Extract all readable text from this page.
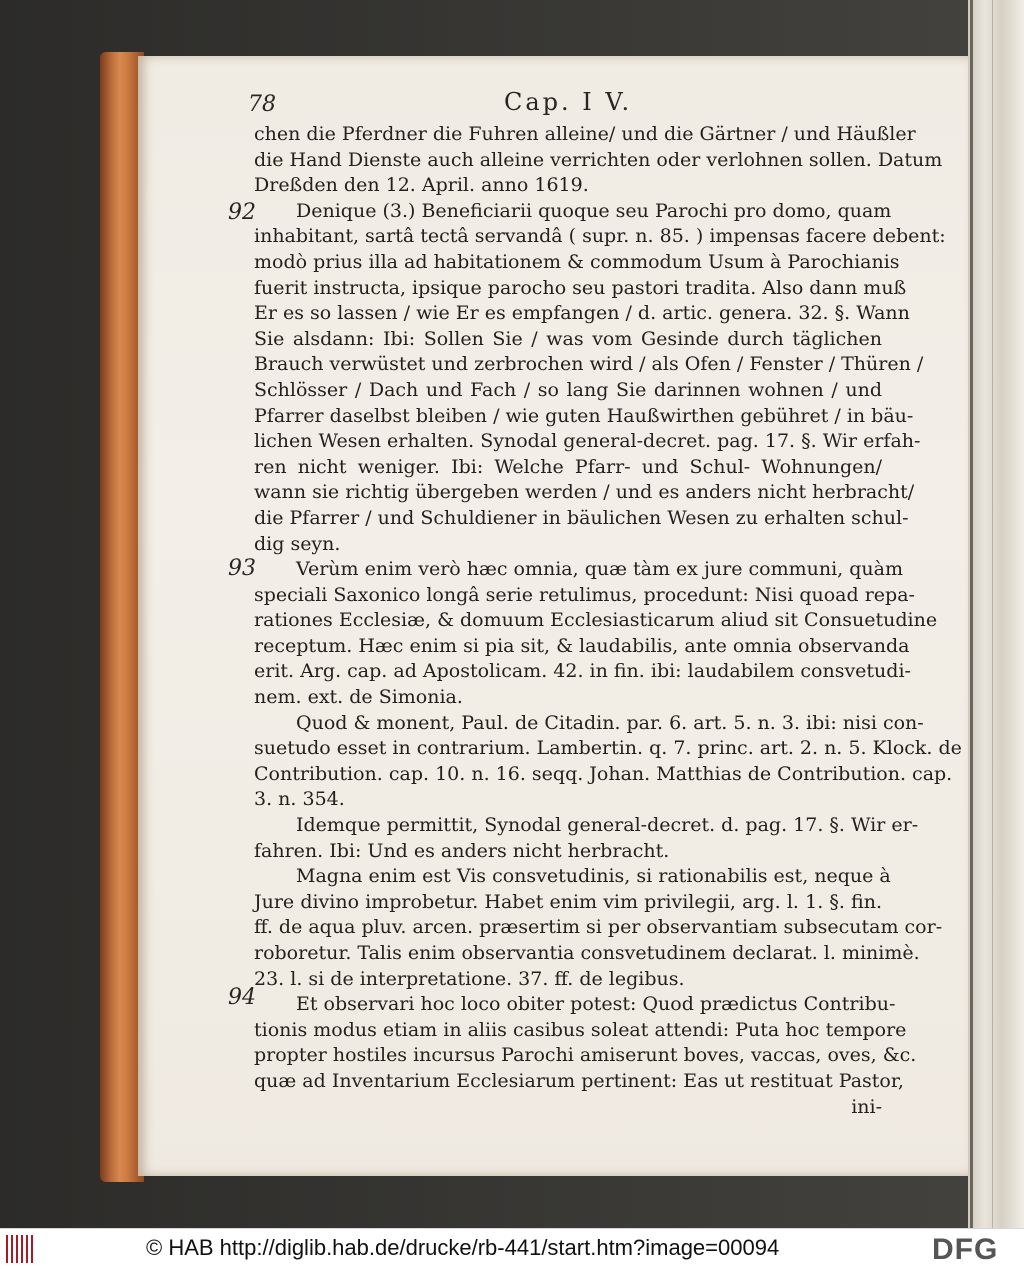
78	Cap. I V.
92
93
94
chen die Pferdner die Fuhren alleine/ und die Gärtner / und Häußler
die Hand Dienste auch alleine verrichten oder verlohnen sollen. Datum
Dreßden den 12. April. anno 1619.
Denique (3.) Beneficiarii quoque seu Parochi pro domo, quam
inhabitant, sartâ tectâ servandâ ( supr. n. 85. ) impensas facere debent:
modò prius illa ad habitationem & commodum Usum à Parochianis
fuerit instructa, ipsique parocho seu pastori tradita. Also dann muß
Er es so lassen / wie Er es empfangen / d. artic. genera. 32. §. Wann
Sie alsdann: Ibi: Sollen Sie / was vom Gesinde durch täglichen
Brauch verwüstet und zerbrochen wird / als Ofen / Fenster / Thüren /
Schlösser / Dach und Fach / so lang Sie darinnen wohnen / und
Pfarrer daselbst bleiben / wie guten Haußwirthen gebühret / in bäu-
lichen Wesen erhalten. Synodal general-decret. pag. 17. §. Wir erfah-
ren nicht weniger. Ibi: Welche Pfarr- und Schul- Wohnungen/
wann sie richtig übergeben werden / und es anders nicht herbracht/
die Pfarrer / und Schuldiener in bäulichen Wesen zu erhalten schul-
dig seyn.
Verùm enim verò hæc omnia, quæ tàm ex jure communi, quàm
speciali Saxonico longâ serie retulimus, procedunt: Nisi quoad repa-
rationes Ecclesiæ, & domuum Ecclesiasticarum aliud sit Consuetudine
receptum. Hæc enim si pia sit, & laudabilis, ante omnia observanda
erit. Arg. cap. ad Apostolicam. 42. in fin. ibi: laudabilem consvetudi-
nem. ext. de Simonia.
Quod & monent, Paul. de Citadin. par. 6. art. 5. n. 3. ibi: nisi con-
suetudo esset in contrarium. Lambertin. q. 7. princ. art. 2. n. 5. Klock. de
Contribution. cap. 10. n. 16. seqq. Johan. Matthias de Contribution. cap.
3. n. 354.
Idemque permittit, Synodal general-decret. d. pag. 17. §. Wir er-
fahren. Ibi: Und es anders nicht herbracht.
Magna enim est Vis consvetudinis, si rationabilis est, neque à
Jure divino improbetur. Habet enim vim privilegii, arg. l. 1. §. fin.
ff. de aqua pluv. arcen. præsertim si per observantiam subsecutam cor-
roboretur. Talis enim observantia consvetudinem declarat. l. minimè.
23. l. si de interpretatione. 37. ff. de legibus.
Et observari hoc loco obiter potest: Quod prædictus Contribu-
tionis modus etiam in aliis casibus soleat attendi: Puta hoc tempore
propter hostiles incursus Parochi amiserunt boves, vaccas, oves, &c.
quæ ad Inventarium Ecclesiarum pertinent: Eas ut restituat Pastor,
ini-
© HAB http://diglib.hab.de/drucke/rb-441/start.htm?image=00094	DFG
